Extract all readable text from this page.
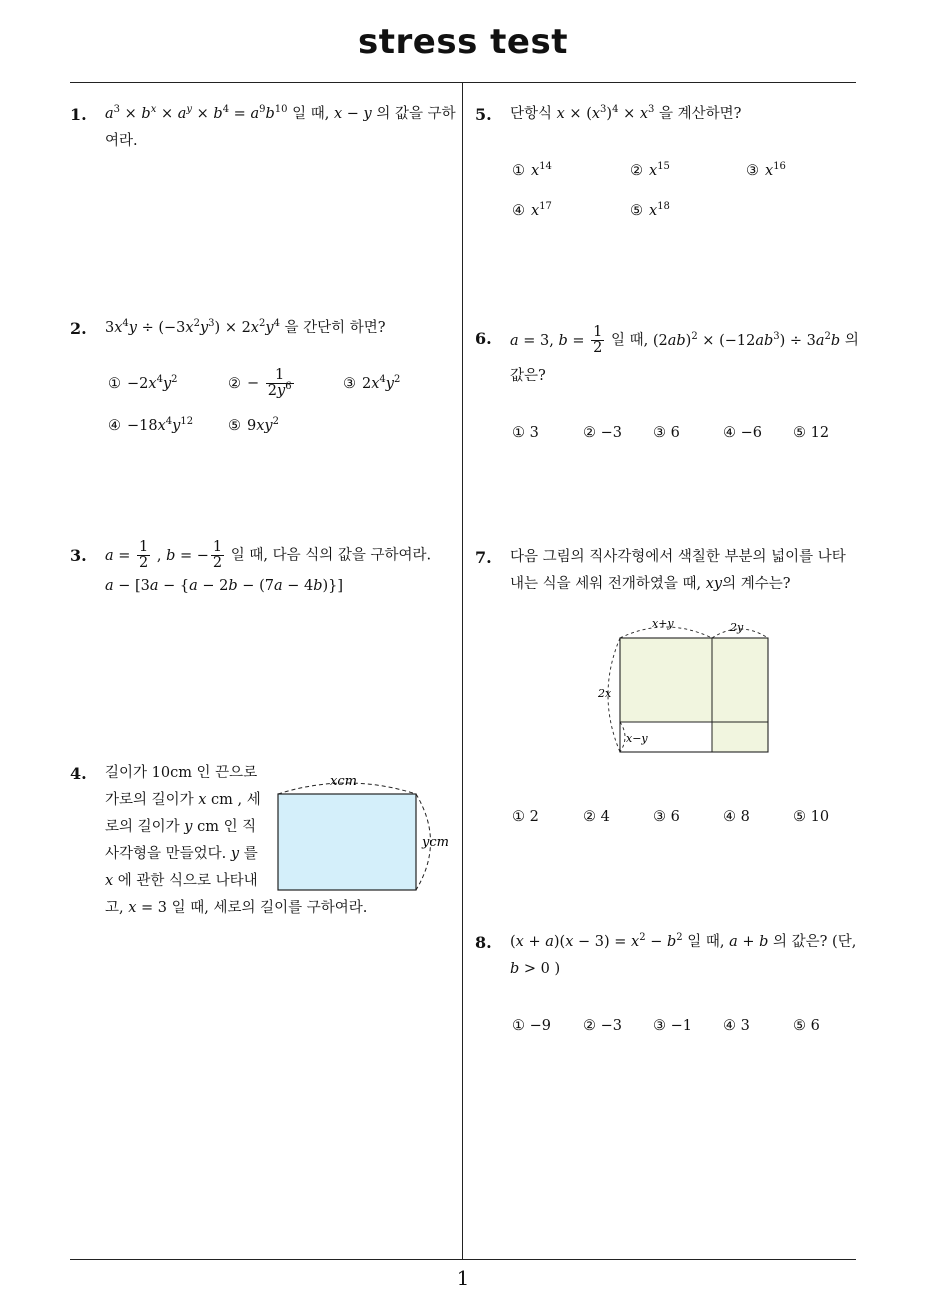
stress test
1
1. $a^3 \times b^x \times a^y \times b^4 = a^9b^{10}$ 일 때, x − y 의 값을 구하
여라.
2. $3x^4y \div (-3x^2y^3) \times 2x^2y^4$ 을 간단히 하면?
① $-2x^4y^2$	② − $\frac{1}{2y^6}$	③ $2x^4y^2$
④ $-18x^4y^{12}$ ⑤ $9xy^2$
3. $a = \frac{1}{2}$ , b = − $\frac{1}{2}$ 일 때, 다음 식의 값을 구하여라.
a − [3a − {a − 2b − (7a − 4b)}]
4. 길이가 10cm 인 끈으로
가로의 길이가 x cm , 세
로의 길이가 y cm 인 직
사각형을 만들었다. y 를
x 에 관한 식으로 나타내
고, x = 3 일 때, 세로의 길이를 구하여라.
xcm
ycm
5. 단항식 $x \times (x^3)^4 \times x^3$ 을 계산하면?
① $x^{14}$	② $x^{15}$	③ $x^{16}$
④ $x^{17}$	⑤ $x^{18}$
6. a = 3, $b = \frac{1}{2}$ 일 때, $(2ab)^2 \times (-12ab^3) \div 3a^2b$ 의
값은?
① 3	② −3 ③ 6	④ −6 ⑤ 12
7. 다음 그림의 직사각형에서 색칠한 부분의 넓이를 나타
내는 식을 세워 전개하였을 때, xy의 계수는?
x+y	2y
2x
x−y
① 2	② 4	③ 6	④ 8	⑤ 10
8. $(x + a)(x - 3) = x^2 - b^2$ 일 때, a + b 의 값은? (단,
b > 0 )
① −9 ② −3 ③ −1 ④ 3	⑤ 6
